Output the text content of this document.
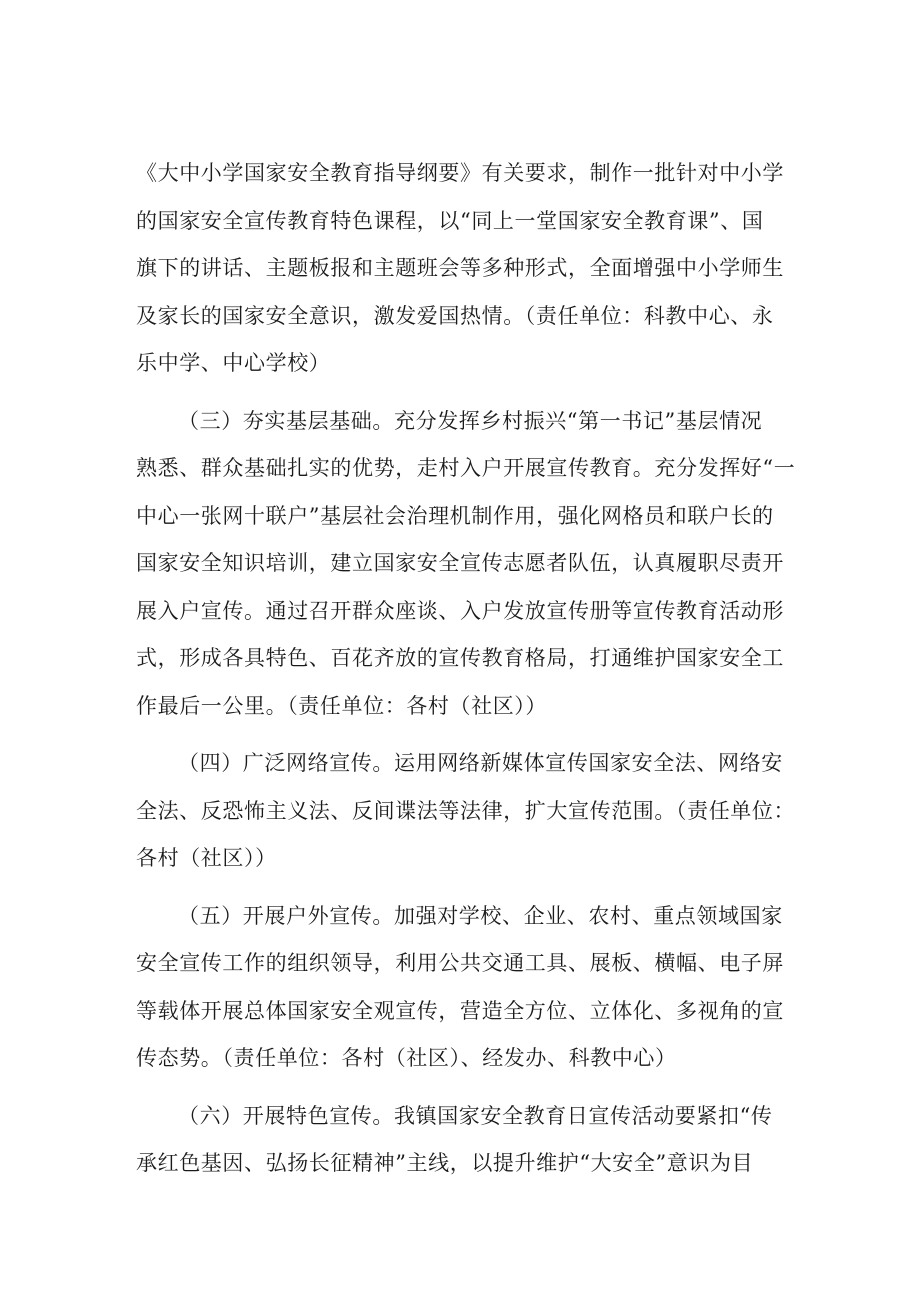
《大中小学国家安全教育指导纲要》有关要求，制作一批针对中小学
的国家安全宣传教育特色课程，以“同上一堂国家安全教育课”、国
旗下的讲话、主题板报和主题班会等多种形式，全面增强中小学师生
及家长的国家安全意识，激发爱国热情。（责任单位：科教中心、永
乐中学、中心学校）
（三）夯实基层基础。充分发挥乡村振兴“第一书记”基层情况
熟悉、群众基础扎实的优势，走村入户开展宣传教育。充分发挥好“一
中心一张网十联户”基层社会治理机制作用，强化网格员和联户长的
国家安全知识培训，建立国家安全宣传志愿者队伍，认真履职尽责开
展入户宣传。通过召开群众座谈、入户发放宣传册等宣传教育活动形
式，形成各具特色、百花齐放的宣传教育格局，打通维护国家安全工
作最后一公里。（责任单位：各村（社区））
（四）广泛网络宣传。运用网络新媒体宣传国家安全法、网络安
全法、反恐怖主义法、反间谍法等法律，扩大宣传范围。（责任单位：
各村（社区））
（五）开展户外宣传。加强对学校、企业、农村、重点领域国家
安全宣传工作的组织领导，利用公共交通工具、展板、横幅、电子屏
等载体开展总体国家安全观宣传，营造全方位、立体化、多视角的宣
传态势。（责任单位：各村（社区）、经发办、科教中心）
（六）开展特色宣传。我镇国家安全教育日宣传活动要紧扣“传
承红色基因、弘扬长征精神”主线，以提升维护“大安全”意识为目
